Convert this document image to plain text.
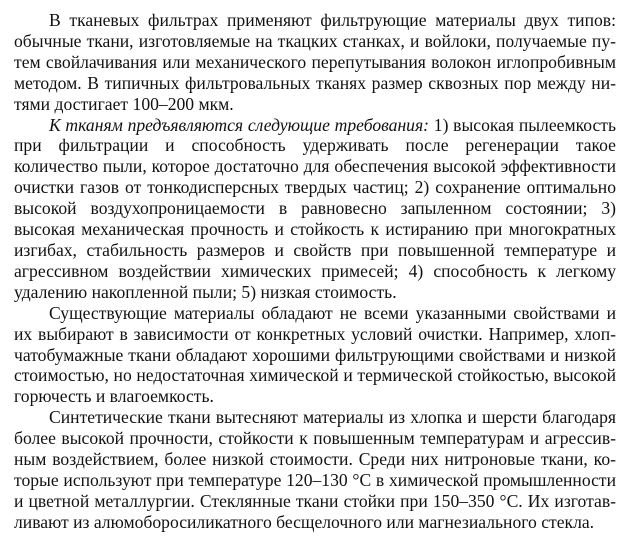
В тканевых фильтрах применяют фильтрующие материалы двух типов: обычные ткани, изготовляемые на ткацких станках, и войлоки, получаемые путем свойлачивания или механического перепутывания волокон иглопробивным методом. В типичных фильтровальных тканях размер сквозных пор между нитями достигает 100–200 мкм.

К тканям предъявляются следующие требования: 1) высокая пылеемкость при фильтрации и способность удерживать после регенерации такое количество пыли, которое достаточно для обеспечения высокой эффективности очистки газов от тонкодисперсных твердых частиц; 2) сохранение оптимально высокой воздухопроницаемости в равновесно запыленном состоянии; 3) высокая механическая прочность и стойкость к истиранию при многократных изгибах, стабильность размеров и свойств при повышенной температуре и агрессивном воздействии химических примесей; 4) способность к легкому удалению накопленной пыли; 5) низкая стоимость.

Существующие материалы обладают не всеми указанными свойствами и их выбирают в зависимости от конкретных условий очистки. Например, хлопчатобумажные ткани обладают хорошими фильтрующими свойствами и низкой стоимостью, но недостаточная химической и термической стойкостью, высокой горючесть и влагоемкость.

Синтетические ткани вытесняют материалы из хлопка и шерсти благодаря более высокой прочности, стойкости к повышенным температурам и агрессивным воздействием, более низкой стоимости. Среди них нитроновые ткани, которые используют при температуре 120–130 °С в химической промышленности и цветной металлургии. Стеклянные ткани стойки при 150–350 °С. Их изготавливают из алюмоборосиликатного бесщелочного или магнезиального стекла.
